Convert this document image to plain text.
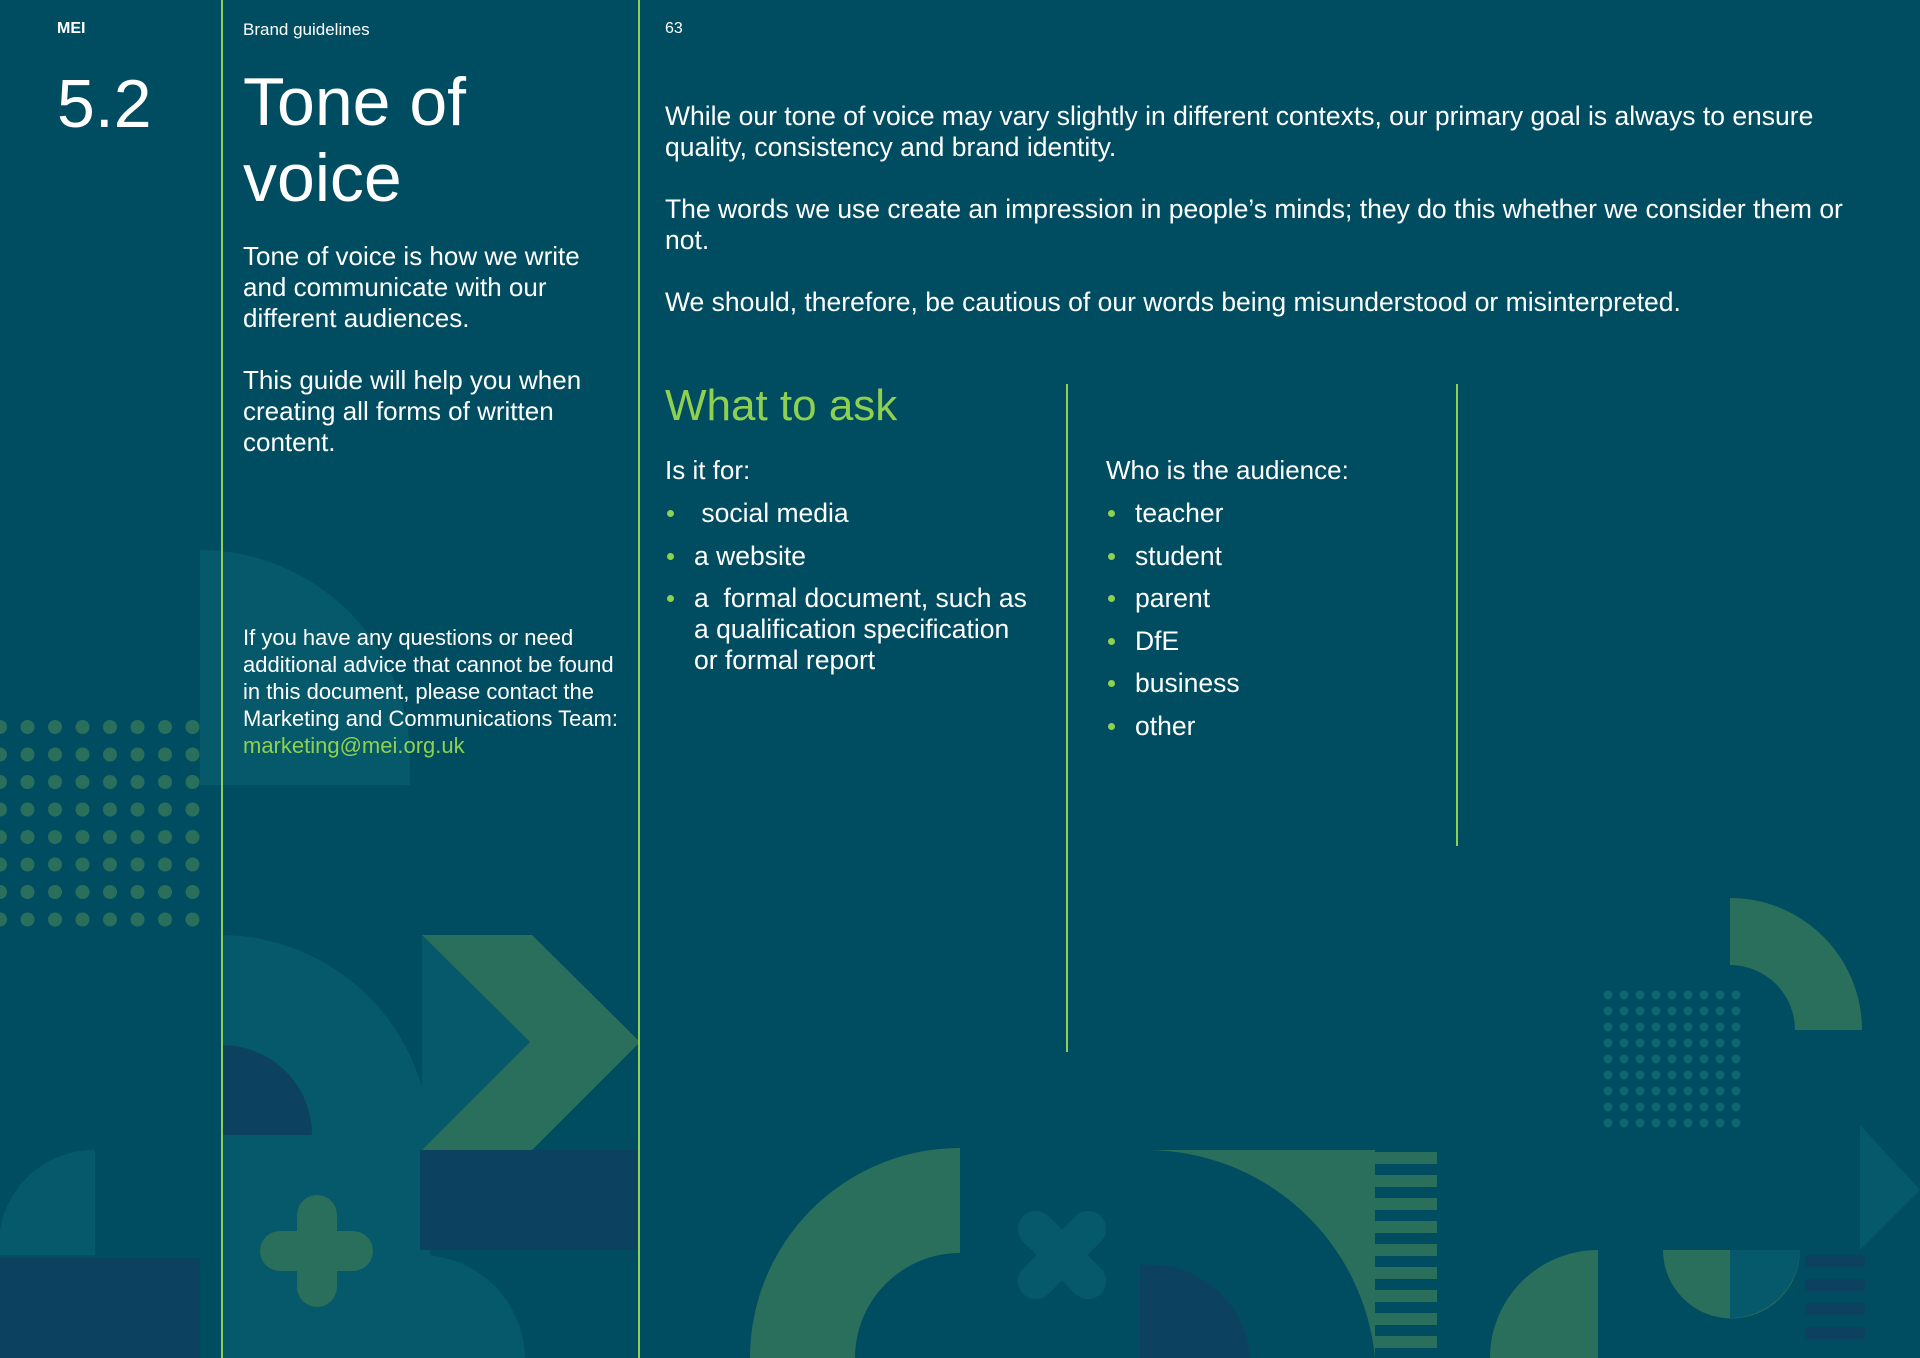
MEI	Brand guidelines	63
5.2 Tone of voice

Tone of voice is how we write and communicate with our different audiences.

This guide will help you when creating all forms of written content.

If you have any questions or need additional advice that cannot be found in this document, please contact the Marketing and Communications Team:
marketing@mei.org.uk

While our tone of voice may vary slightly in different contexts, our primary goal is always to ensure quality, consistency and brand identity.

The words we use create an impression in people’s minds; they do this whether we consider them or not.

We should, therefore, be cautious of our words being misunderstood or misinterpreted.

What to ask
Is it for:
social media
a website
a  formal document, such as a qualification specification or formal report
Who is the audience:
teacher
student
parent
DfE
business
other
